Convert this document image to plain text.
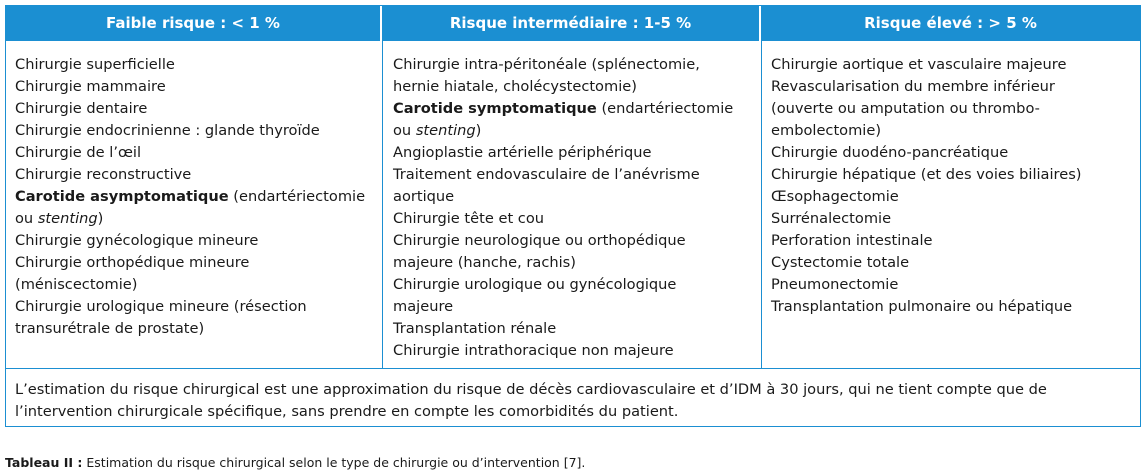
Faible risque : < 1 %	Risque intermédiaire : 1-5 %	Risque élevé : > 5 %
Chirurgie superficielle
Chirurgie mammaire
Chirurgie dentaire
Chirurgie endocrinienne : glande thyroïde
Chirurgie de l’œil
Chirurgie reconstructive
Carotide asymptomatique (endartériectomie
ou stenting)
Chirurgie gynécologique mineure
Chirurgie orthopédique mineure
(méniscectomie)
Chirurgie urologique mineure (résection
transurétrale de prostate)
Chirurgie intra-péritonéale (splénectomie,
hernie hiatale, cholécystectomie)
Carotide symptomatique (endartériectomie
ou stenting)
Angioplastie artérielle périphérique
Traitement endovasculaire de l’anévrisme
aortique
Chirurgie tête et cou
Chirurgie neurologique ou orthopédique
majeure (hanche, rachis)
Chirurgie urologique ou gynécologique
majeure
Transplantation rénale
Chirurgie intrathoracique non majeure
Chirurgie aortique et vasculaire majeure
Revascularisation du membre inférieur
(ouverte ou amputation ou thrombo-
embolectomie)
Chirurgie duodéno-pancréatique
Chirurgie hépatique (et des voies biliaires)
Œsophagectomie
Surrénalectomie
Perforation intestinale
Cystectomie totale
Pneumonectomie
Transplantation pulmonaire ou hépatique
L’estimation du risque chirurgical est une approximation du risque de décès cardiovasculaire et d’IDM à 30 jours, qui ne tient compte que de l’intervention chirurgicale spécifique, sans prendre en compte les comorbidités du patient.
Tableau II : Estimation du risque chirurgical selon le type de chirurgie ou d’intervention [7].
